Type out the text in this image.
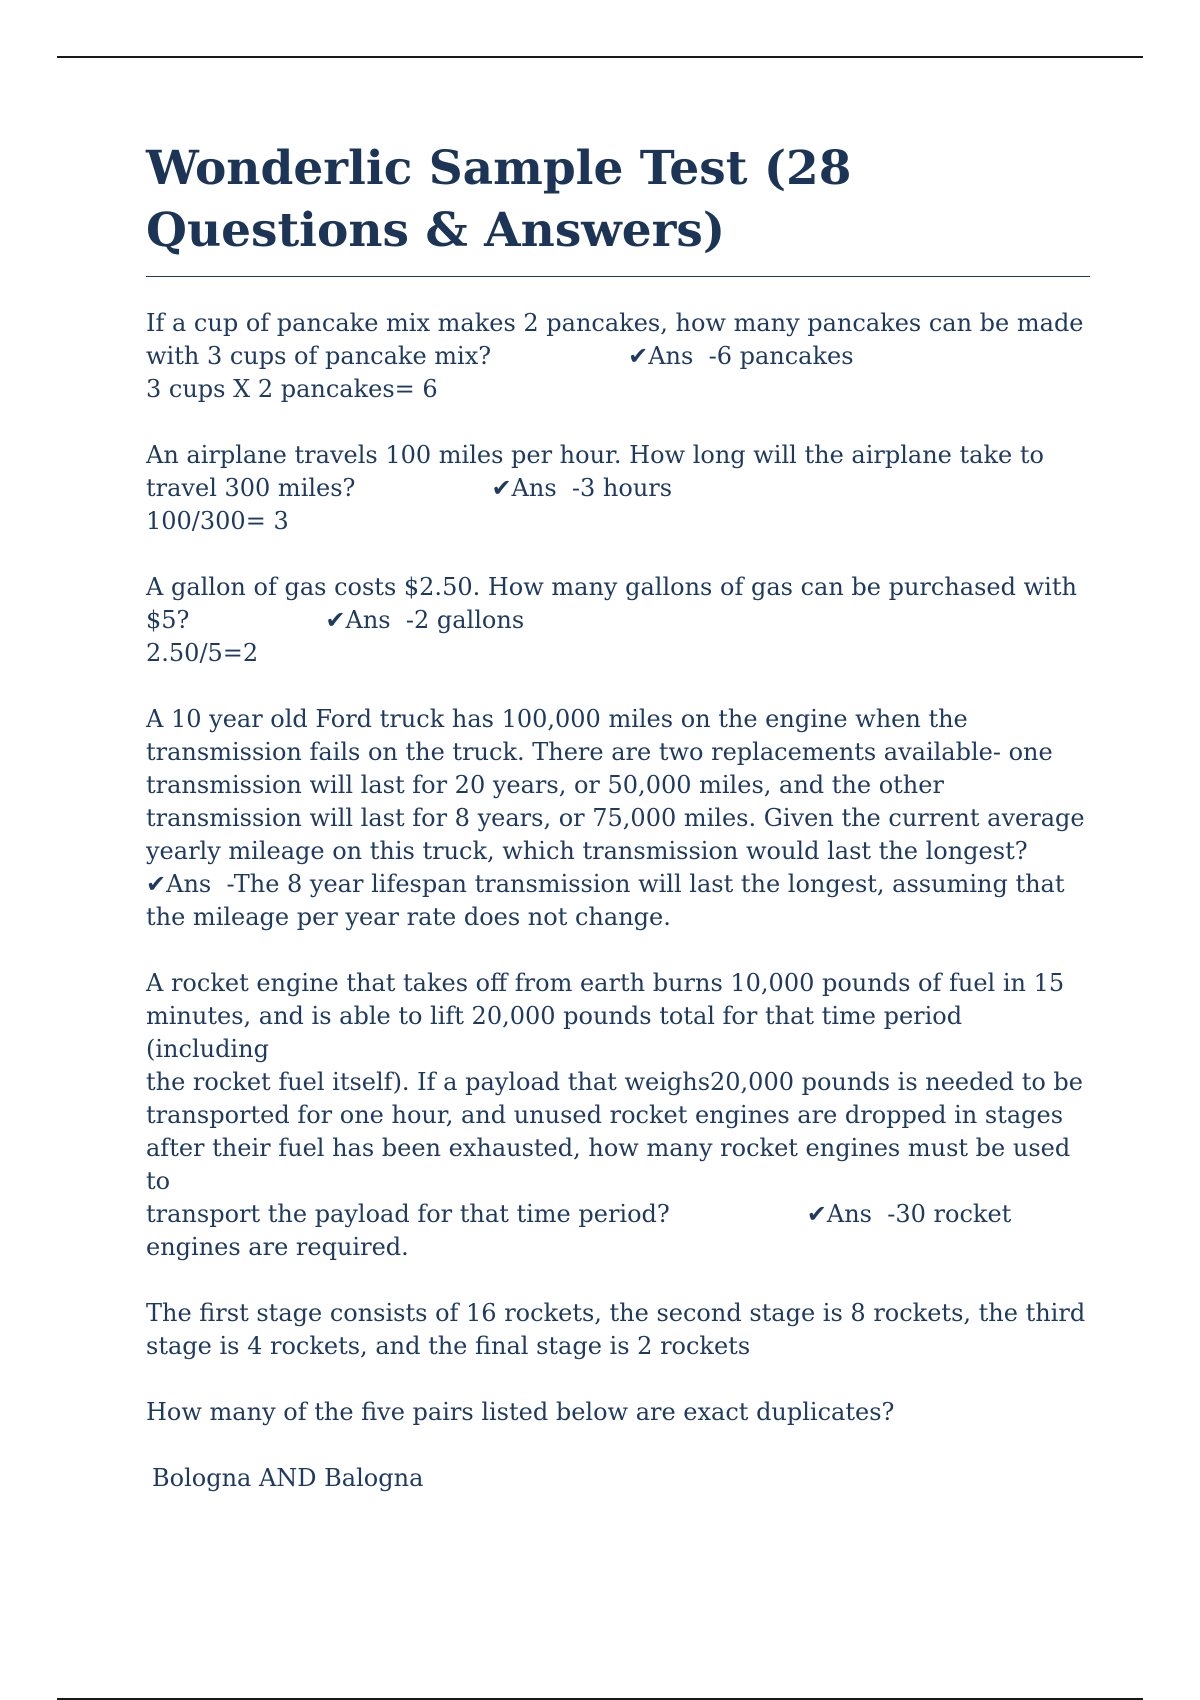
Wonderlic Sample Test (28 Questions & Answers)

If a cup of pancake mix makes 2 pancakes, how many pancakes can be made

with 3 cups of pancake mix?	✔Ans  -6 pancakes

3 cups X 2 pancakes= 6

An airplane travels 100 miles per hour. How long will the airplane take to

travel 300 miles?	✔Ans  -3 hours

100/300= 3

A gallon of gas costs $2.50. How many gallons of gas can be purchased with

$5?	✔Ans  -2 gallons

2.50/5=2

A 10 year old Ford truck has 100,000 miles on the engine when the

transmission fails on the truck. There are two replacements available- one

transmission will last for 20 years, or 50,000 miles, and the other

transmission will last for 8 years, or 75,000 miles. Given the current average

yearly mileage on this truck, which transmission would last the longest?

✔Ans  -The 8 year lifespan transmission will last the longest, assuming that

the mileage per year rate does not change.

A rocket engine that takes off from earth burns 10,000 pounds of fuel in 15

minutes, and is able to lift 20,000 pounds total for that time period (including

the rocket fuel itself). If a payload that weighs20,000 pounds is needed to be

transported for one hour, and unused rocket engines are dropped in stages

after their fuel has been exhausted, how many rocket engines must be used to

transport the payload for that time period?	✔Ans  -30 rocket

engines are required.

The first stage consists of 16 rockets, the second stage is 8 rockets, the third

stage is 4 rockets, and the final stage is 2 rockets

How many of the five pairs listed below are exact duplicates?

Bologna AND Balogna
